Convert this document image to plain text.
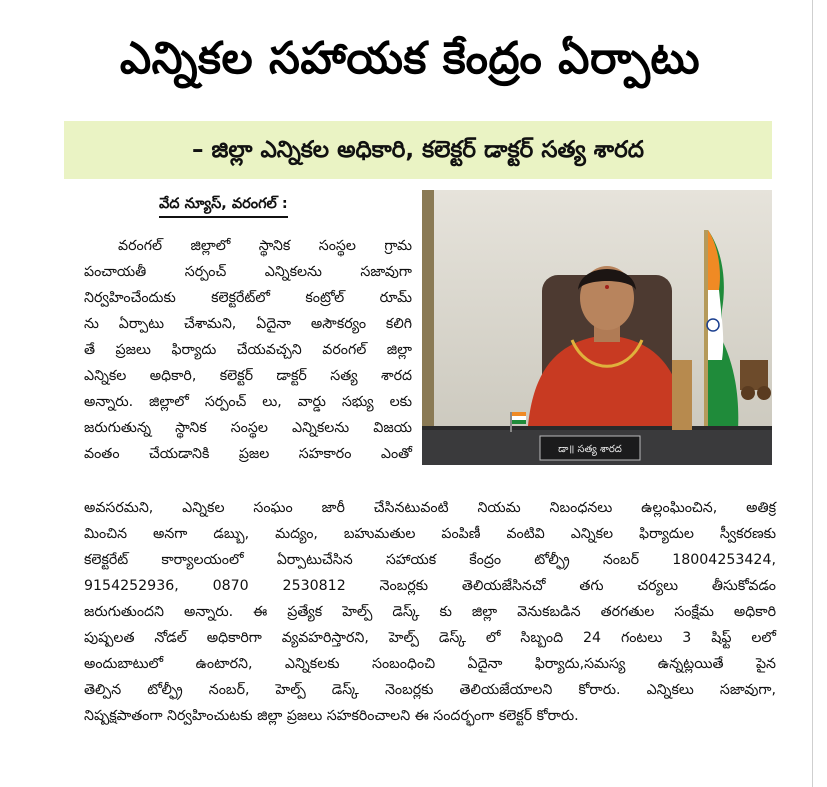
ఎన్నికల సహాయక కేంద్రం ఏర్పాటు
– జిల్లా ఎన్నికల అధికారి, కలెక్టర్ డాక్టర్ సత్య శారద
వేద న్యూస్, వరంగల్ :
డా॥ సత్య శారద
వరంగల్ జిల్లాలో స్థానిక సంస్థల గ్రామ
పంచాయతీ సర్పంచ్ ఎన్నికలను సజావుగా
నిర్వహించేందుకు కలెక్టరేట్‌లో కంట్రోల్ రూమ్
ను ఏర్పాటు చేశామని, ఏదైనా అసౌకర్యం కలిగి
తే ప్రజలు ఫిర్యాదు చేయవచ్చని వరంగల్ జిల్లా
ఎన్నికల అధికారి, కలెక్టర్ డాక్టర్ సత్య శారద
అన్నారు. జిల్లాలో సర్పంచ్ లు, వార్డు సభ్యు లకు
జరుగుతున్న స్థానిక సంస్థల ఎన్నికలను విజయ
వంతం చేయడానికి ప్రజల సహకారం ఎంతో
అవసరమని, ఎన్నికల సంఘం జారీ చేసినటువంటి నియమ నిబంధనలు ఉల్లంఘించిన, అతిక్ర
మించిన అనగా డబ్బు, మద్యం, బహుమతుల పంపిణీ వంటివి ఎన్నికల ఫిర్యాదుల స్వీకరణకు
కలెక్టరేట్ కార్యాలయంలో ఏర్పాటుచేసిన సహాయక కేంద్రం టోల్ఫ్రీ నంబర్ 18004253424,
9154252936, 0870 2530812 నెంబర్లకు తెలియజేసినచో తగు చర్యలు తీసుకోవడం
జరుగుతుందని అన్నారు. ఈ ప్రత్యేక హెల్ప్ డెస్క్ కు జిల్లా వెనుకబడిన తరగతుల సంక్షేమ అధికారి
పుష్పలత నోడల్ అధికారిగా వ్యవహరిస్తారని, హెల్ప్ డెస్క్ లో సిబ్బంది 24 గంటలు 3 షిఫ్ట్ లలో
అందుబాటులో ఉంటారని, ఎన్నికలకు సంబంధించి ఏదైనా ఫిర్యాదు,సమస్య ఉన్నట్లయితే పైన
తెల్పిన టోల్ఫ్రీ నంబర్, హెల్ప్ డెస్క్ నెంబర్లకు తెలియజేయాలని కోరారు. ఎన్నికలు సజావుగా,
నిష్పక్షపాతంగా నిర్వహించుటకు జిల్లా ప్రజలు సహకరించాలని ఈ సందర్భంగా కలెక్టర్ కోరారు.
